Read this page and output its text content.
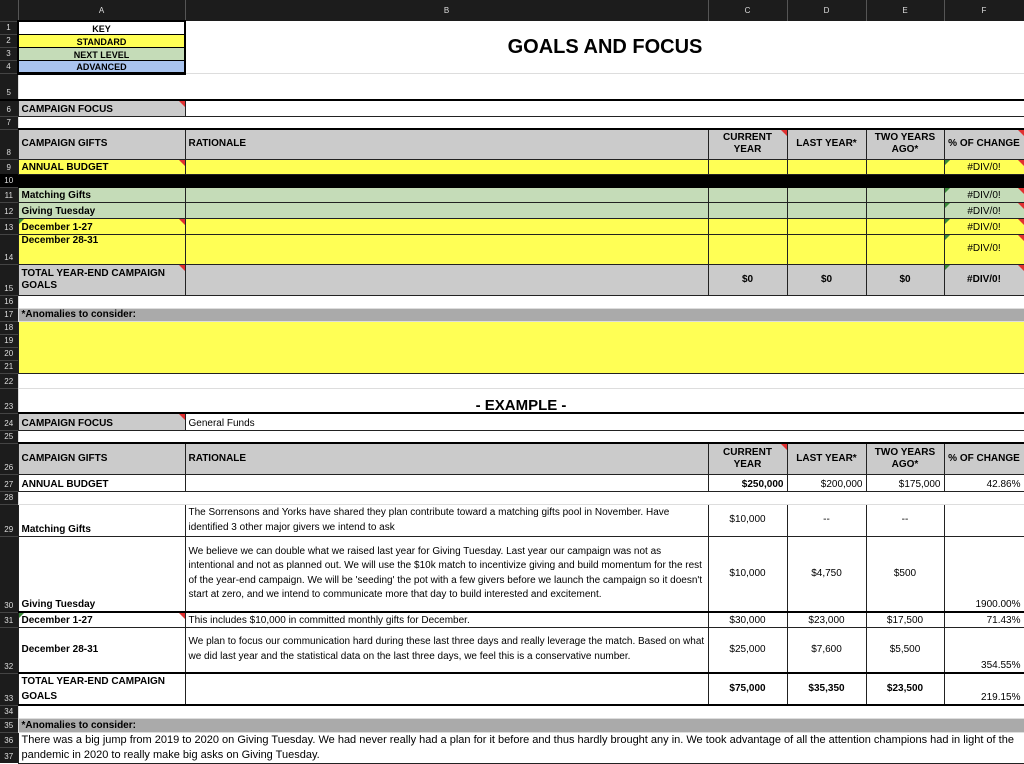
	A	B	C	D	E	F
1	KEY	GOALS AND FOCUS				
2	STANDARD					
3	NEXT LEVEL					
4	ADVANCED					
5						
6	CAMPAIGN FOCUS					
7						
8	CAMPAIGN GIFTS	RATIONALE	CURRENT YEAR	LAST YEAR*	TWO YEARS AGO*	% OF CHANGE
9	ANNUAL BUDGET					#DIV/0!
10						
11	Matching Gifts					#DIV/0!
12	Giving Tuesday					#DIV/0!
13	December 1-27					#DIV/0!
14	December 28-31					#DIV/0!
15	TOTAL YEAR-END CAMPAIGN GOALS		$0	$0	$0	#DIV/0!
16						
17	*Anomalies to consider:					
18						
19						
20						
21						
22						
23	- EXAMPLE -					
24	CAMPAIGN FOCUS	General Funds				
25						
26	CAMPAIGN GIFTS	RATIONALE	CURRENT YEAR	LAST YEAR*	TWO YEARS AGO*	% OF CHANGE
27	ANNUAL BUDGET		$250,000	$200,000	$175,000	42.86%
28						
29	Matching Gifts	The Sorrensons and Yorks have shared they plan contribute toward a matching gifts pool in November. Have identified 3 other major givers we intend to ask	$10,000	--	--	
30	Giving Tuesday	We believe we can double what we raised last year for Giving Tuesday. Last year our campaign was not as intentional and not as planned out. We will use the $10k match to incentivize giving and build momentum for the rest of the year-end campaign. We will be 'seeding' the pot with a few givers before we launch the campaign so it doesn't start at zero, and we intend to communicate more that day to build interested and excitement.	$10,000	$4,750	$500	1900.00%
31	December 1-27	This includes $10,000 in committed monthly gifts for December.	$30,000	$23,000	$17,500	71.43%
32	December 28-31	We plan to focus our communication hard during these last three days and really leverage the match. Based on what we did last year and the statistical data on the last three days, we feel this is a conservative number.	$25,000	$7,600	$5,500	354.55%
33	TOTAL YEAR-END CAMPAIGN GOALS		$75,000	$35,350	$23,500	219.15%
34						
35	*Anomalies to consider:					
36	There was a big jump from 2019 to 2020 on Giving Tuesday. We had never really had a plan for it before and thus hardly brought any in. We took advantage of all the attention champions had in light of the pandemic in 2020 to really make big asks on Giving Tuesday.					
37						
